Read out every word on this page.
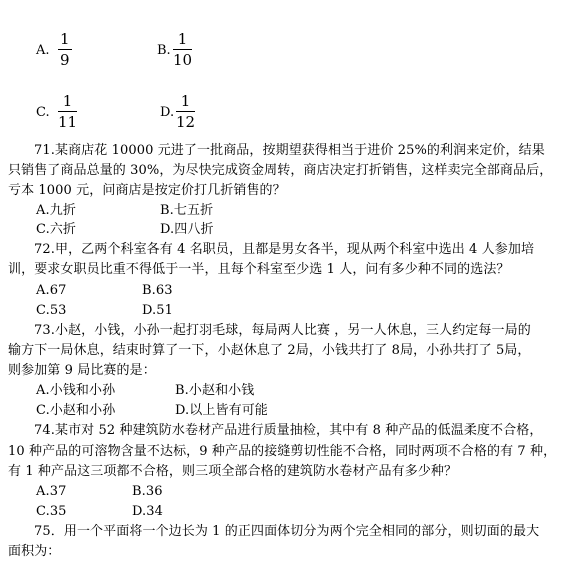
A. $\frac{1}{9}$	B. $\frac{1}{10}$
C. $\frac{1}{11}$	D. $\frac{1}{12}$
71.某商店花 10000 元进了一批商品，按期望获得相当于进价 25%的利润来定价，结果
只销售了商品总量的 30%，为尽快完成资金周转，商店决定打折销售，这样卖完全部商品后，
亏本 1000 元，问商店是按定价打几折销售的？
A.九折	B.七五折
C.六折	D.四八折
72.甲，乙两个科室各有 4 名职员，且都是男女各半，现从两个科室中选出 4 人参加培
训，要求女职员比重不得低于一半，且每个科室至少选 1 人，问有多少种不同的选法？
A.67	B.63
C.53	D.51
73.小赵，小钱，小孙一起打羽毛球，每局两人比赛 ，另一人休息，三人约定每一局的
输方下一局休息，结束时算了一下，小赵休息了 2局，小钱共打了 8局，小孙共打了 5局，
则参加第 9 局比赛的是：
A.小钱和小孙	B.小赵和小钱
C.小赵和小孙	D.以上皆有可能
74.某市对 52 种建筑防水卷材产品进行质量抽检，其中有 8 种产品的低温柔度不合格，
10 种产品的可溶物含量不达标，9 种产品的接缝剪切性能不合格，同时两项不合格的有 7 种，
有 1 种产品这三项都不合格，则三项全部合格的建筑防水卷材产品有多少种？
A.37	B.36
C.35	D.34
75．用一个平面将一个边长为 1 的正四面体切分为两个完全相同的部分，则切面的最大
面积为：
